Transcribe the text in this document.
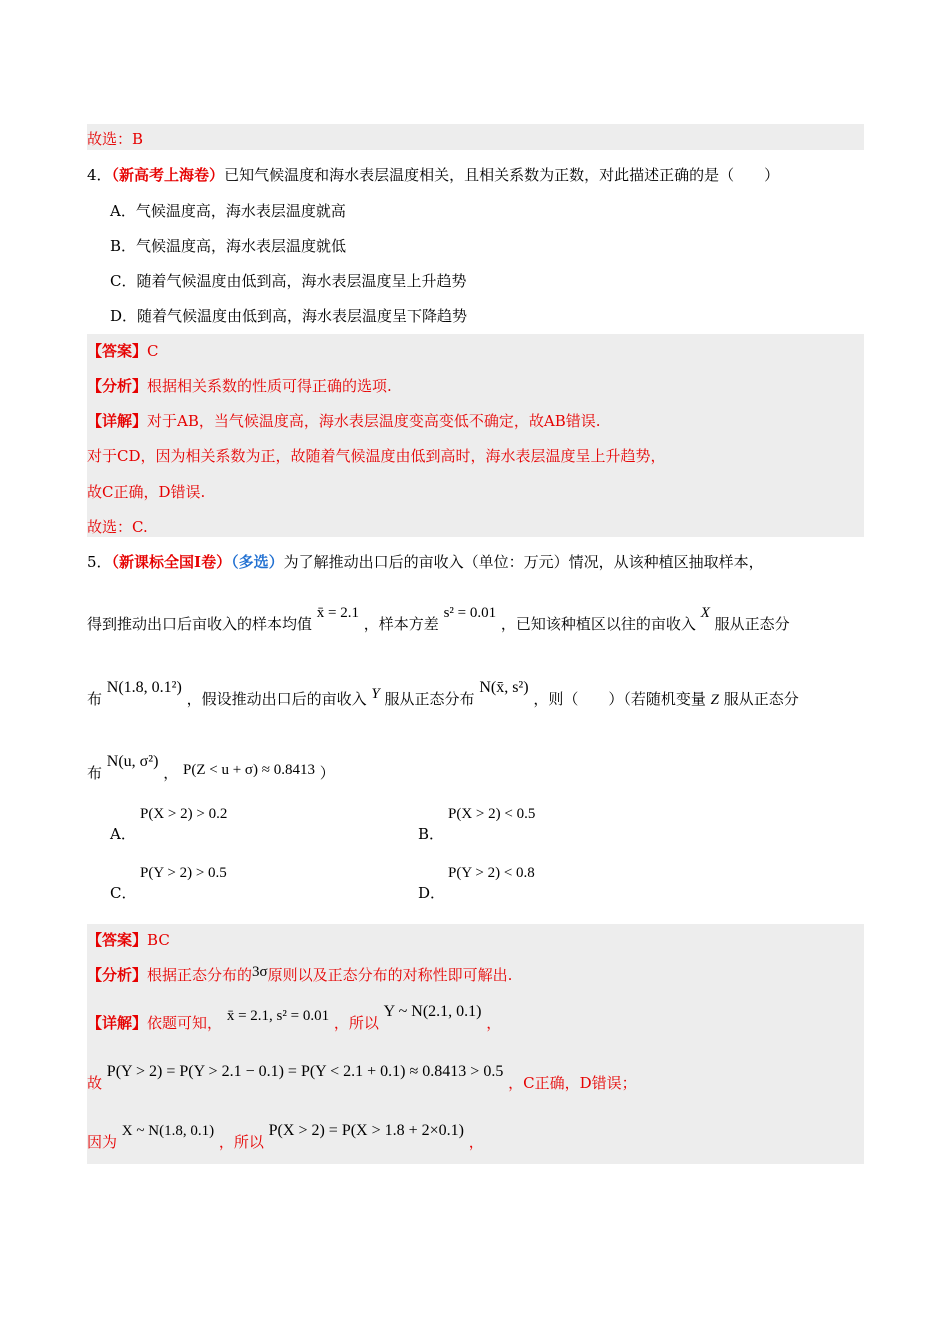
故选：B
4．（新高考上海卷）已知气候温度和海水表层温度相关，且相关系数为正数，对此描述正确的是（　　）
A．气候温度高，海水表层温度就高
B．气候温度高，海水表层温度就低
C．随着气候温度由低到高，海水表层温度呈上升趋势
D．随着气候温度由低到高，海水表层温度呈下降趋势
【答案】C
【分析】根据相关系数的性质可得正确的选项.
【详解】对于AB，当气候温度高，海水表层温度变高变低不确定，故AB错误.
对于CD，因为相关系数为正，故随着气候温度由低到高时，海水表层温度呈上升趋势，
故C正确，D错误.
故选：C.
5．（新课标全国Ⅰ卷）（多选）为了解推动出口后的亩收入（单位：万元）情况，从该种植区抽取样本，
得到推动出口后亩收入的样本均值 x̄ = 2.1 ，样本方差 s² = 0.01 ，已知该种植区以往的亩收入 X 服从正态分
布 N(1.8, 0.1²) ，假设推动出口后的亩收入 Y 服从正态分布 N(x̄, s²) ，则（　　）（若随机变量 Z 服从正态分
布 N(u, σ²) ， P(Z < u + σ) ≈ 0.8413 ）
P(X > 2) > 0.2
A．
P(X > 2) < 0.5
B．
P(Y > 2) > 0.5
C．
P(Y > 2) < 0.8
D．
【答案】BC
【分析】根据正态分布的3σ原则以及正态分布的对称性即可解出.
【详解】依题可知， x̄ = 2.1, s² = 0.01 ，所以 Y ~ N(2.1, 0.1) ，
故 P(Y > 2) = P(Y > 2.1 − 0.1) = P(Y < 2.1 + 0.1) ≈ 0.8413 > 0.5 ，C正确，D错误；
因为 X ~ N(1.8, 0.1) ，所以 P(X > 2) = P(X > 1.8 + 2×0.1) ，
